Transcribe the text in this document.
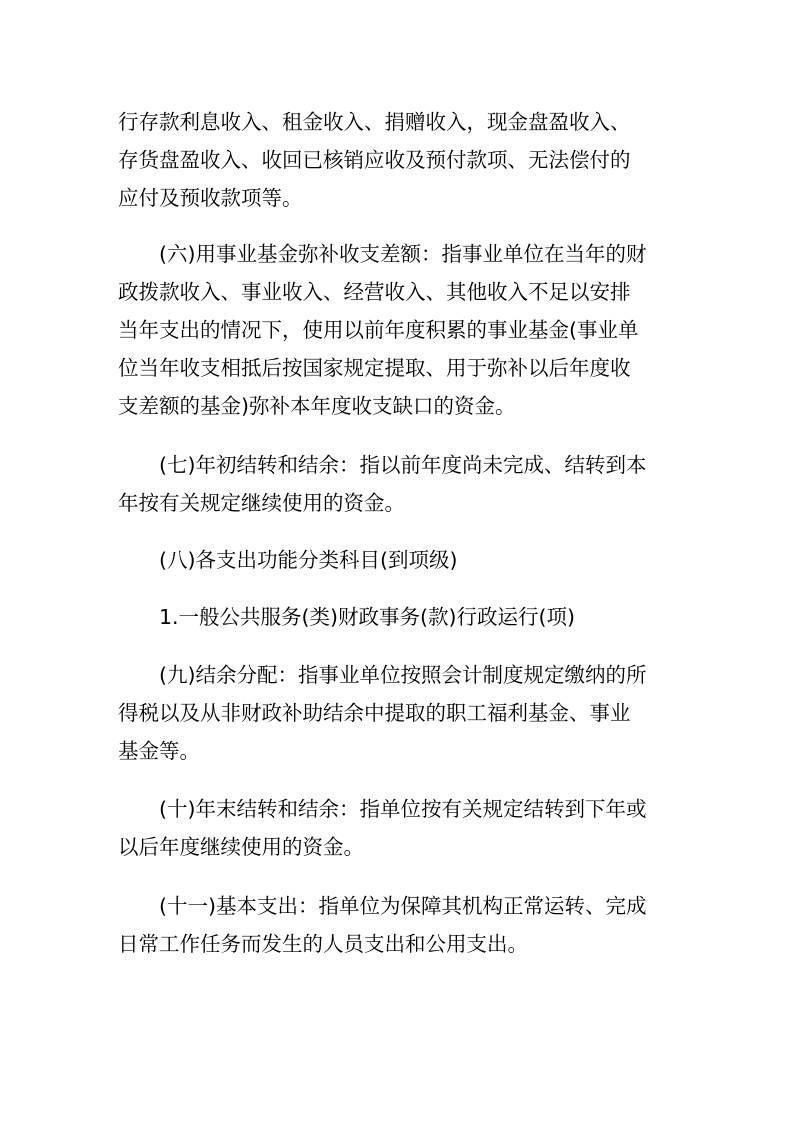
行存款利息收入、租金收入、捐赠收入，现金盘盈收入、
存货盘盈收入、收回已核销应收及预付款项、无法偿付的
应付及预收款项等。
(六)用事业基金弥补收支差额：指事业单位在当年的财
政拨款收入、事业收入、经营收入、其他收入不足以安排
当年支出的情况下，使用以前年度积累的事业基金(事业单
位当年收支相抵后按国家规定提取、用于弥补以后年度收
支差额的基金)弥补本年度收支缺口的资金。
(七)年初结转和结余：指以前年度尚未完成、结转到本
年按有关规定继续使用的资金。
(八)各支出功能分类科目(到项级)
1.一般公共服务(类)财政事务(款)行政运行(项)
(九)结余分配：指事业单位按照会计制度规定缴纳的所
得税以及从非财政补助结余中提取的职工福利基金、事业
基金等。
(十)年末结转和结余：指单位按有关规定结转到下年或
以后年度继续使用的资金。
(十一)基本支出：指单位为保障其机构正常运转、完成
日常工作任务而发生的人员支出和公用支出。
